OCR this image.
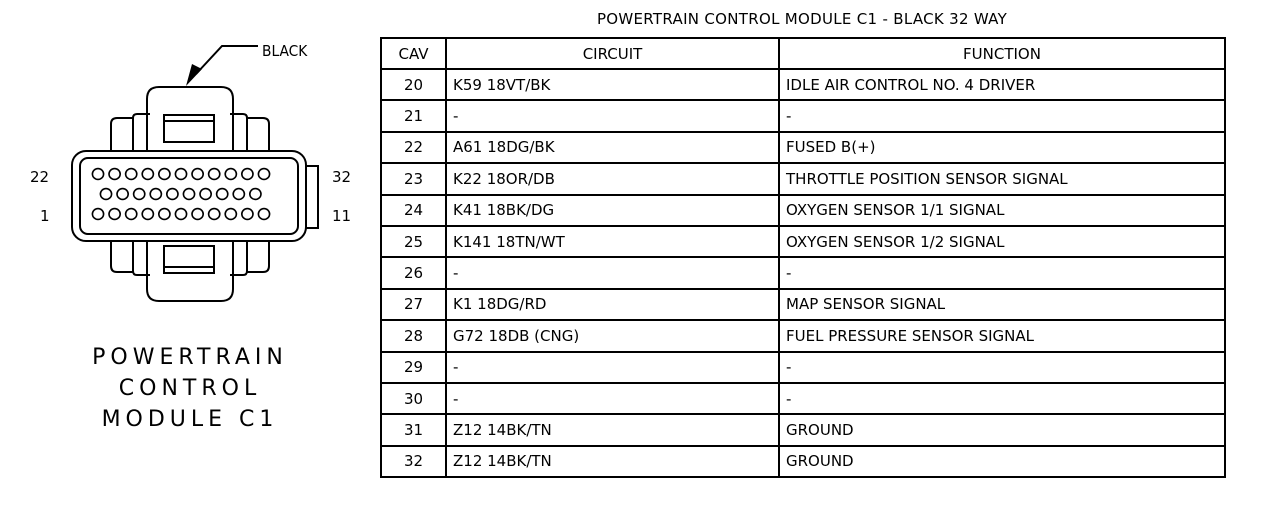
BLACK
22
1
32
11
POWERTRAIN
CONTROL
MODULE C1
POWERTRAIN CONTROL MODULE C1 - BLACK 32 WAY
CAV	CIRCUIT	FUNCTION
20	K59 18VT/BK	IDLE AIR CONTROL NO. 4 DRIVER
21	-	-
22	A61 18DG/BK	FUSED B(+)
23	K22 18OR/DB	THROTTLE POSITION SENSOR SIGNAL
24	K41 18BK/DG	OXYGEN SENSOR 1/1 SIGNAL
25	K141 18TN/WT	OXYGEN SENSOR 1/2 SIGNAL
26	-	-
27	K1 18DG/RD	MAP SENSOR SIGNAL
28	G72 18DB (CNG)	FUEL PRESSURE SENSOR SIGNAL
29	-	-
30	-	-
31	Z12 14BK/TN	GROUND
32	Z12 14BK/TN	GROUND
